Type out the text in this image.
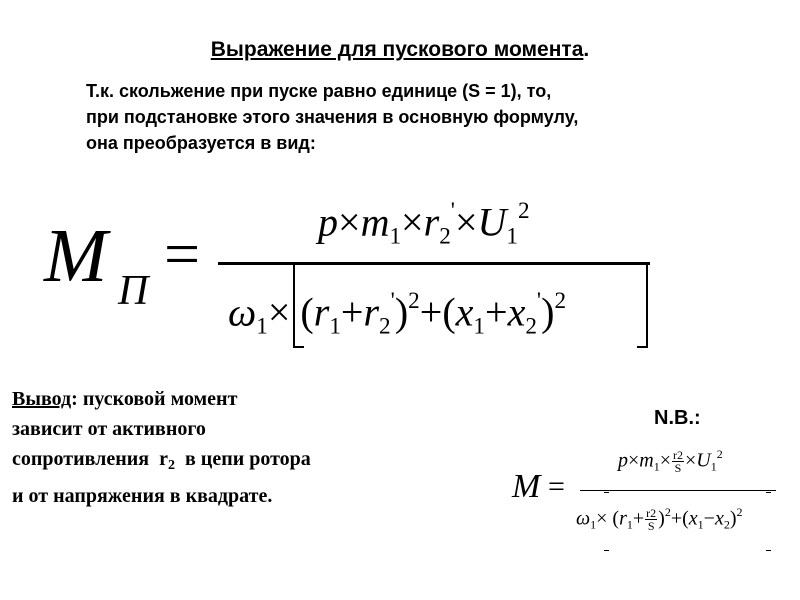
Выражение для пускового момента.
Т.к. скольжение при пуске равно единице (S = 1), то,
при подстановке этого значения в основную формулу,
она преобразуется в вид:
M П
=	$p\times m_1\times r_2'\times U_1^2$
$\omega_1\times (r_1+r_2')^2+(x_1+x_2')^2$
Вывод: пусковой момент
зависит от активного
сопротивления  $r_2$  в цепи ротора
и от напряжения в квадрате.
N.B.:
M =
$p\times m_1\times \frac{r2}{S} \times U_1^2$
$\omega_1\times (r_1+ \frac{r2}{S} )^2+(x_1-x_2)^2$
